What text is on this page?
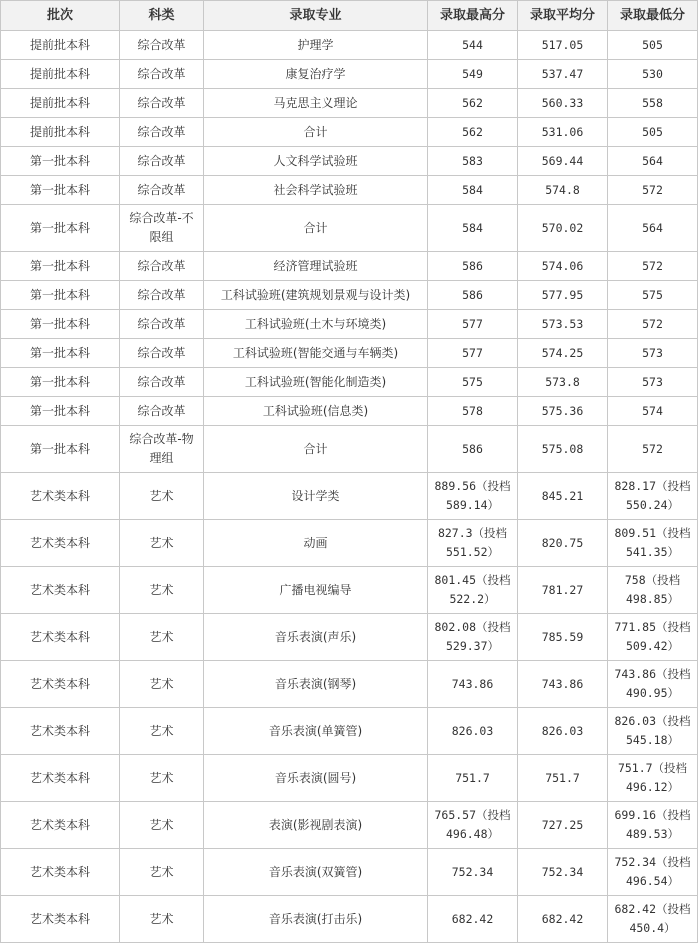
批次	科类	录取专业	录取最高分	录取平均分	录取最低分
提前批本科	综合改革	护理学	544	517.05	505
提前批本科	综合改革	康复治疗学	549	537.47	530
提前批本科	综合改革	马克思主义理论	562	560.33	558
提前批本科	综合改革	合计	562	531.06	505
第一批本科	综合改革	人文科学试验班	583	569.44	564
第一批本科	综合改革	社会科学试验班	584	574.8	572
第一批本科	综合改革-不限组	合计	584	570.02	564
第一批本科	综合改革	经济管理试验班	586	574.06	572
第一批本科	综合改革	工科试验班(建筑规划景观与设计类)	586	577.95	575
第一批本科	综合改革	工科试验班(土木与环境类)	577	573.53	572
第一批本科	综合改革	工科试验班(智能交通与车辆类)	577	574.25	573
第一批本科	综合改革	工科试验班(智能化制造类)	575	573.8	573
第一批本科	综合改革	工科试验班(信息类)	578	575.36	574
第一批本科	综合改革-物理组	合计	586	575.08	572
艺术类本科	艺术	设计学类	889.56（投档589.14）	845.21	828.17（投档550.24）
艺术类本科	艺术	动画	827.3（投档551.52）	820.75	809.51（投档541.35）
艺术类本科	艺术	广播电视编导	801.45（投档522.2）	781.27	758（投档498.85）
艺术类本科	艺术	音乐表演(声乐)	802.08（投档529.37）	785.59	771.85（投档509.42）
艺术类本科	艺术	音乐表演(钢琴)	743.86	743.86	743.86（投档490.95）
艺术类本科	艺术	音乐表演(单簧管)	826.03	826.03	826.03（投档545.18）
艺术类本科	艺术	音乐表演(圆号)	751.7	751.7	751.7（投档496.12）
艺术类本科	艺术	表演(影视剧表演)	765.57（投档496.48）	727.25	699.16（投档489.53）
艺术类本科	艺术	音乐表演(双簧管)	752.34	752.34	752.34（投档496.54）
艺术类本科	艺术	音乐表演(打击乐)	682.42	682.42	682.42（投档450.4）
